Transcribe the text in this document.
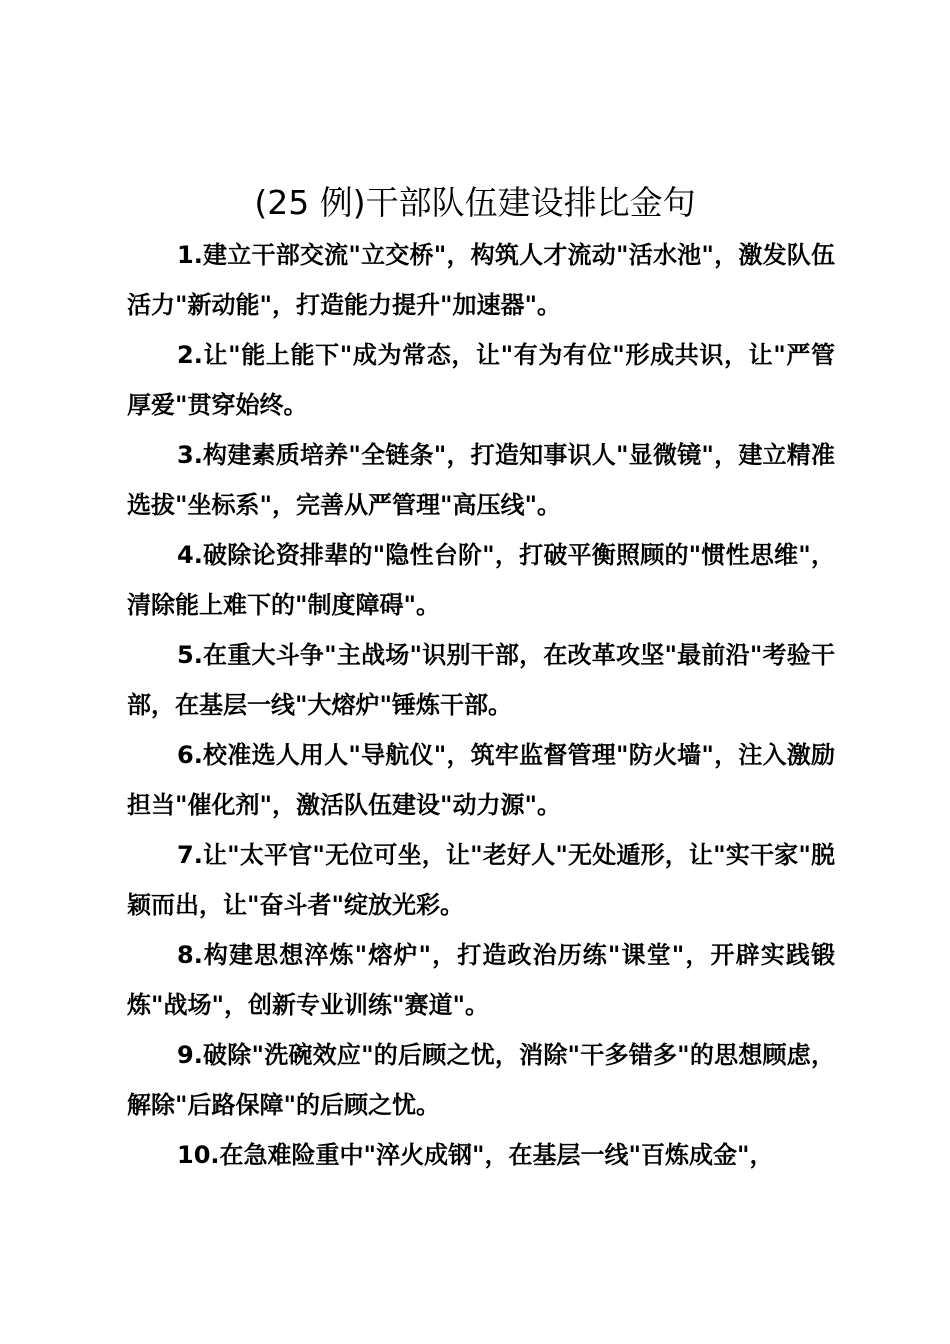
(25 例)干部队伍建设排比金句

1.建立干部交流"立交桥"，构筑人才流动"活水池"，激发队伍活力"新动能"，打造能力提升"加速器"。

2.让"能上能下"成为常态，让"有为有位"形成共识，让"严管厚爱"贯穿始终。

3.构建素质培养"全链条"，打造知事识人"显微镜"，建立精准选拔"坐标系"，完善从严管理"高压线"。

4.破除论资排辈的"隐性台阶"，打破平衡照顾的"惯性思维"，清除能上难下的"制度障碍"。

5.在重大斗争"主战场"识别干部，在改革攻坚"最前沿"考验干部，在基层一线"大熔炉"锤炼干部。

6.校准选人用人"导航仪"，筑牢监督管理"防火墙"，注入激励担当"催化剂"，激活队伍建设"动力源"。

7.让"太平官"无位可坐，让"老好人"无处遁形，让"实干家"脱颖而出，让"奋斗者"绽放光彩。

8.构建思想淬炼"熔炉"，打造政治历练"课堂"，开辟实践锻炼"战场"，创新专业训练"赛道"。

9.破除"洗碗效应"的后顾之忧，消除"干多错多"的思想顾虑，解除"后路保障"的后顾之忧。

10.在急难险重中"淬火成钢"，在基层一线"百炼成金"，
